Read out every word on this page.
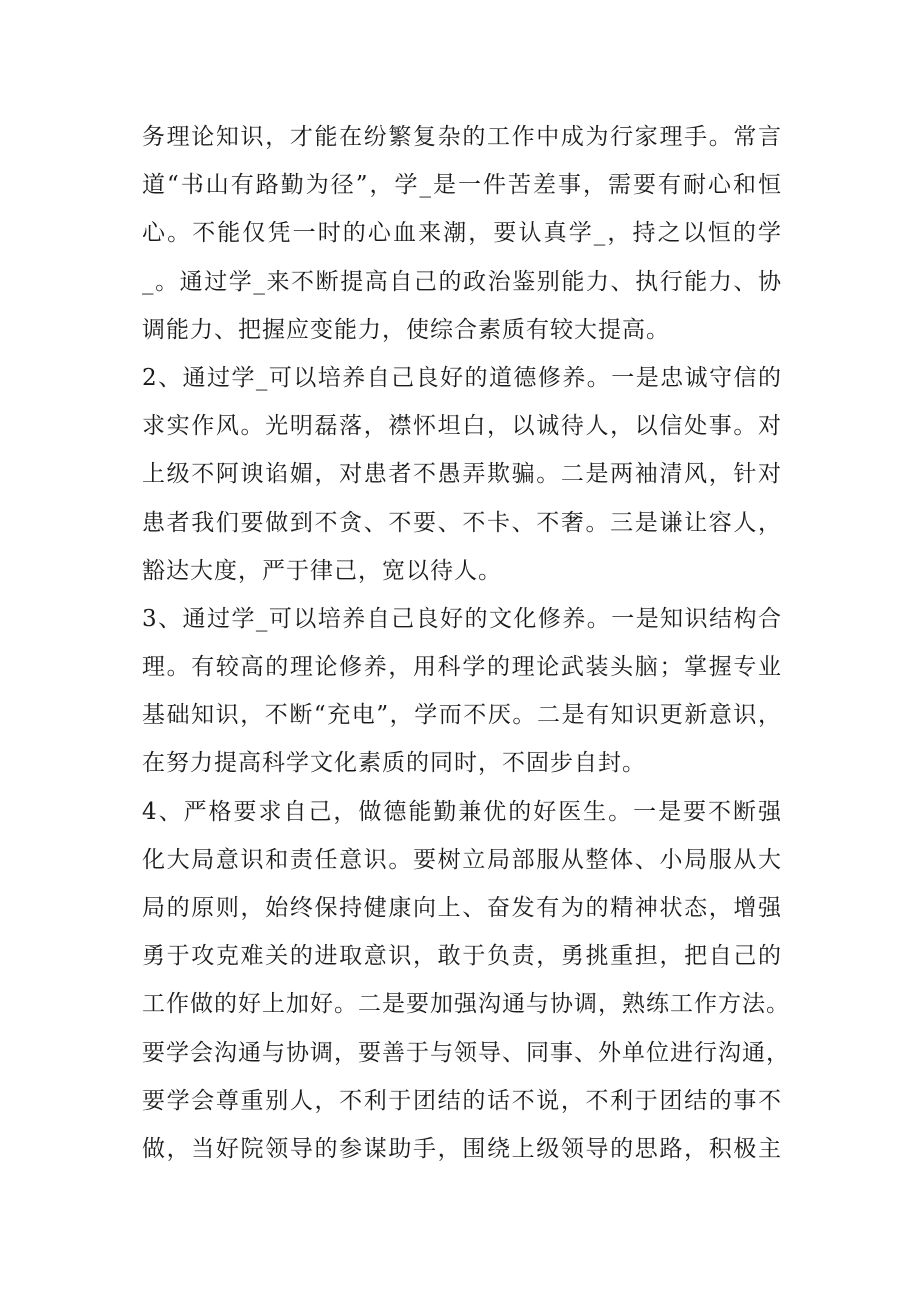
务理论知识，才能在纷繁复杂的工作中成为行家理手。常言
道“书山有路勤为径”，学_是一件苦差事，需要有耐心和恒
心。不能仅凭一时的心血来潮，要认真学_，持之以恒的学
_。通过学_来不断提高自己的政治鉴别能力、执行能力、协
调能力、把握应变能力，使综合素质有较大提高。
2、通过学_可以培养自己良好的道德修养。一是忠诚守信的
求实作风。光明磊落，襟怀坦白，以诚待人，以信处事。对
上级不阿谀谄媚，对患者不愚弄欺骗。二是两袖清风，针对
患者我们要做到不贪、不要、不卡、不奢。三是谦让容人，
豁达大度，严于律己，宽以待人。
3、通过学_可以培养自己良好的文化修养。一是知识结构合
理。有较高的理论修养，用科学的理论武装头脑；掌握专业
基础知识，不断“充电”，学而不厌。二是有知识更新意识，
在努力提高科学文化素质的同时，不固步自封。
4、严格要求自己，做德能勤兼优的好医生。一是要不断强
化大局意识和责任意识。要树立局部服从整体、小局服从大
局的原则，始终保持健康向上、奋发有为的精神状态，增强
勇于攻克难关的进取意识，敢于负责，勇挑重担，把自己的
工作做的好上加好。二是要加强沟通与协调，熟练工作方法。
要学会沟通与协调，要善于与领导、同事、外单位进行沟通，
要学会尊重别人，不利于团结的话不说，不利于团结的事不
做，当好院领导的参谋助手，围绕上级领导的思路，积极主
